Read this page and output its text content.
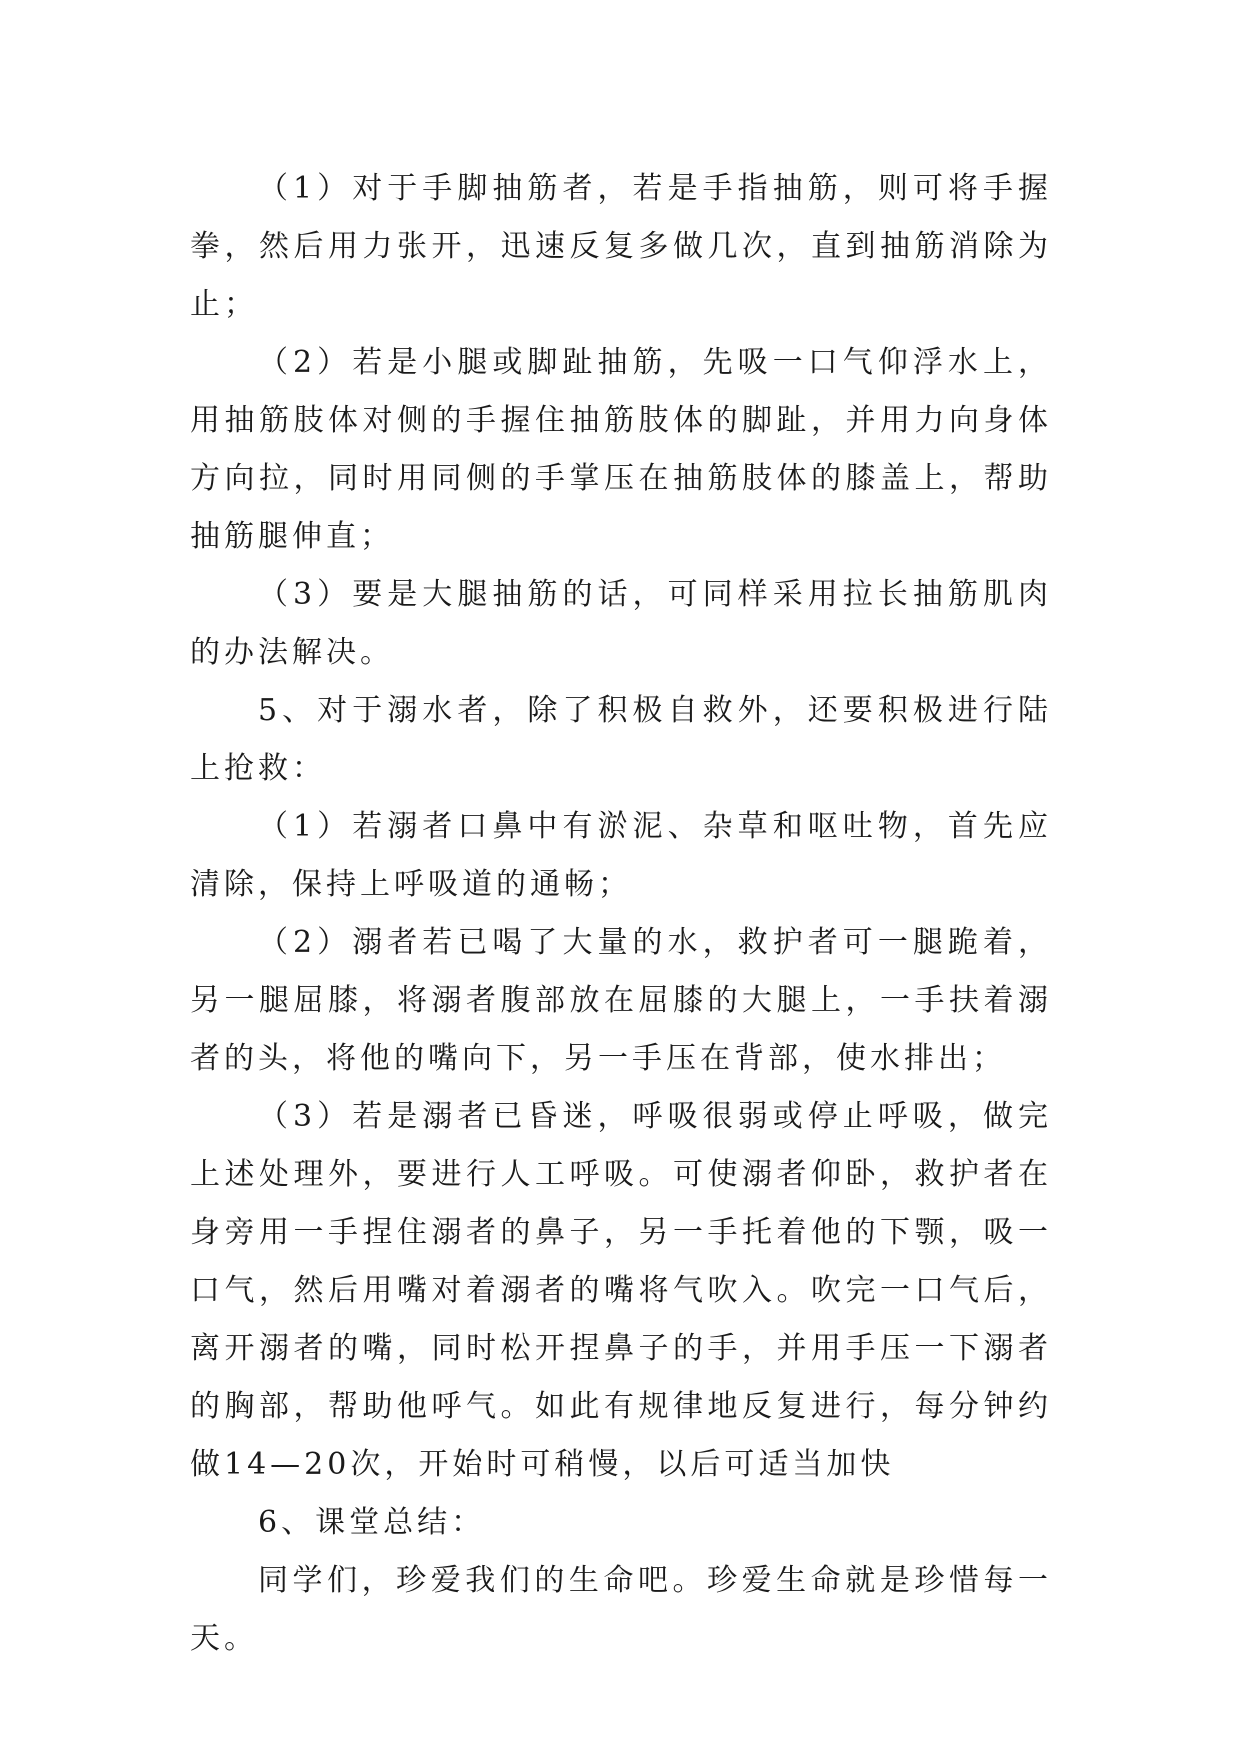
（1）对于手脚抽筋者，若是手指抽筋，则可将手握拳，然后用力张开，迅速反复多做几次，直到抽筋消除为止；

（2）若是小腿或脚趾抽筋，先吸一口气仰浮水上，用抽筋肢体对侧的手握住抽筋肢体的脚趾，并用力向身体方向拉，同时用同侧的手掌压在抽筋肢体的膝盖上，帮助抽筋腿伸直；

（3）要是大腿抽筋的话，可同样采用拉长抽筋肌肉的办法解决。

5、对于溺水者，除了积极自救外，还要积极进行陆上抢救：

（1）若溺者口鼻中有淤泥、杂草和呕吐物，首先应清除，保持上呼吸道的通畅；

（2）溺者若已喝了大量的水，救护者可一腿跪着，另一腿屈膝，将溺者腹部放在屈膝的大腿上，一手扶着溺者的头，将他的嘴向下，另一手压在背部，使水排出；

（3）若是溺者已昏迷，呼吸很弱或停止呼吸，做完上述处理外，要进行人工呼吸。可使溺者仰卧，救护者在身旁用一手捏住溺者的鼻子，另一手托着他的下颚，吸一口气，然后用嘴对着溺者的嘴将气吹入。吹完一口气后，离开溺者的嘴，同时松开捏鼻子的手，并用手压一下溺者的胸部，帮助他呼气。如此有规律地反复进行，每分钟约做14—20次，开始时可稍慢，以后可适当加快

6、课堂总结：

同学们，珍爱我们的生命吧。珍爱生命就是珍惜每一天。
